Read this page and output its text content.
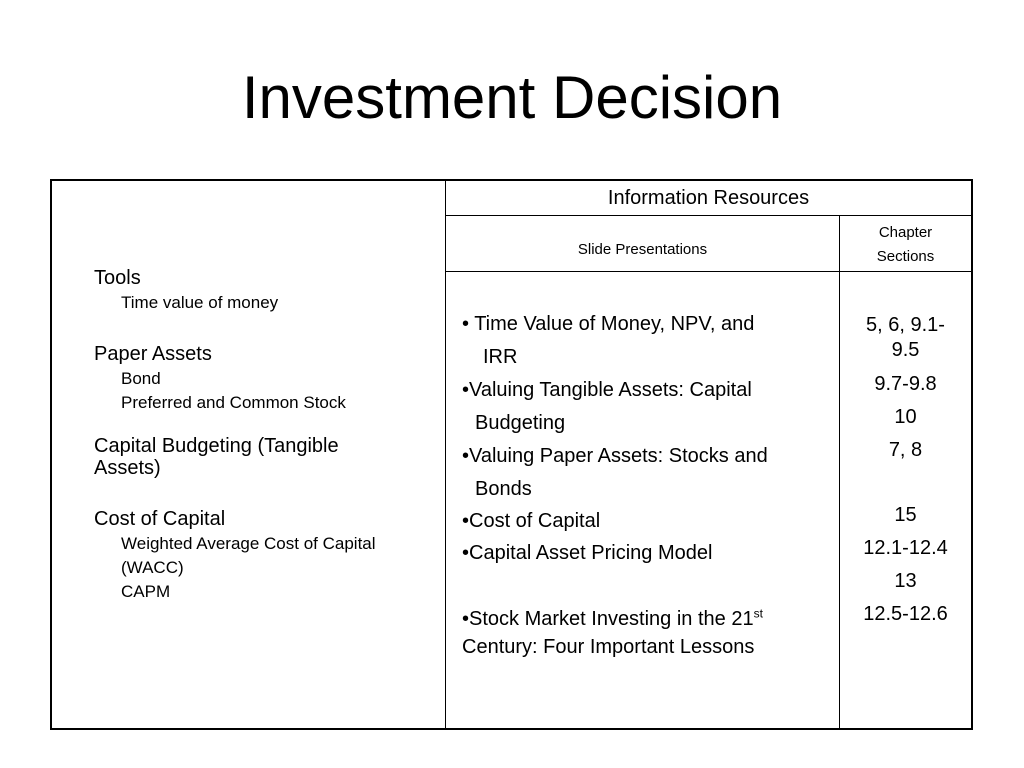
Investment Decision
Tools
Time value of money
Paper Assets
Bond
Preferred and Common Stock
Capital Budgeting (Tangible
Assets)
Cost of Capital
Weighted Average Cost of Capital
(WACC)
CAPM
Information Resources
Slide Presentations
Chapter
Sections
• Time Value of Money, NPV, and
IRR
•Valuing Tangible Assets: Capital
Budgeting
•Valuing Paper Assets: Stocks and
Bonds
•Cost of Capital
•Capital Asset Pricing Model
•Stock Market Investing in the 21st
Century: Four Important Lessons
5, 6, 9.1-
9.5
9.7-9.8
10
7, 8
15
12.1-12.4
13
12.5-12.6
